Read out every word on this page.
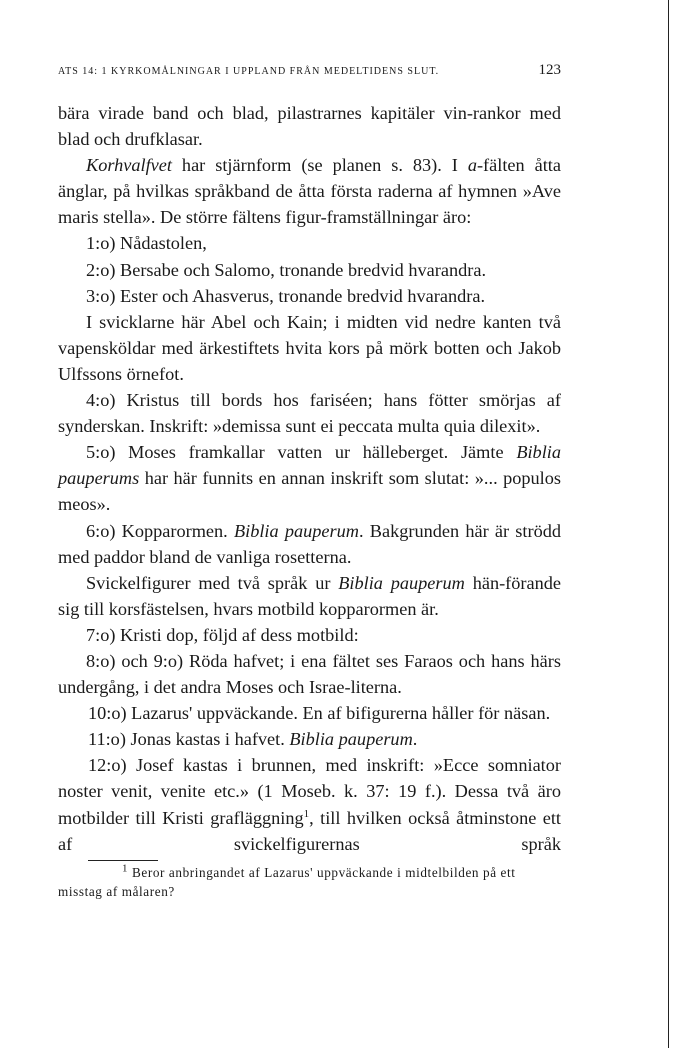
ATS 14: 1 KYRKOMÅLNINGAR I UPPLAND FRÅN MEDELTIDENS SLUT.	123

bära virade band och blad, pilastrarnes kapitäler vin-rankor med blad och drufklasar.

Korhvalfvet har stjärnform (se planen s. 83). I a-fälten åtta änglar, på hvilkas språkband de åtta första raderna af hymnen »Ave maris stella». De större fältens figur-framställningar äro:

1:o) Nådastolen,

2:o) Bersabe och Salomo, tronande bredvid hvarandra.

3:o) Ester och Ahasverus, tronande bredvid hvarandra.

I svicklarne här Abel och Kain; i midten vid nedre kanten två vapensköldar med ärkestiftets hvita kors på mörk botten och Jakob Ulfssons örnefot.

4:o) Kristus till bords hos fariséen; hans fötter smörjas af synderskan. Inskrift: »demissa sunt ei peccata multa quia dilexit».

5:o) Moses framkallar vatten ur hälleberget. Jämte Biblia pauperums har här funnits en annan inskrift som slutat: »... populos meos».

6:o) Kopparormen. Biblia pauperum. Bakgrunden här är strödd med paddor bland de vanliga rosetterna.

Svickelfigurer med två språk ur Biblia pauperum hän-förande sig till korsfästelsen, hvars motbild kopparormen är.

7:o) Kristi dop, följd af dess motbild:

8:o) och 9:o) Röda hafvet; i ena fältet ses Faraos och hans härs undergång, i det andra Moses och Israe-literna.

10:o) Lazarus' uppväckande. En af bifigurerna håller för näsan.

11:o) Jonas kastas i hafvet. Biblia pauperum.

12:o) Josef kastas i brunnen, med inskrift: »Ecce somniator noster venit, venite etc.» (1 Moseb. k. 37: 19 f.). Dessa två äro motbilder till Kristi grafläggning$^1$, till hvilken också åtminstone ett af svickelfigurernas språk

$^1$ Beror anbringandet af Lazarus' uppväckande i midtelbilden på ett misstag af målaren?
